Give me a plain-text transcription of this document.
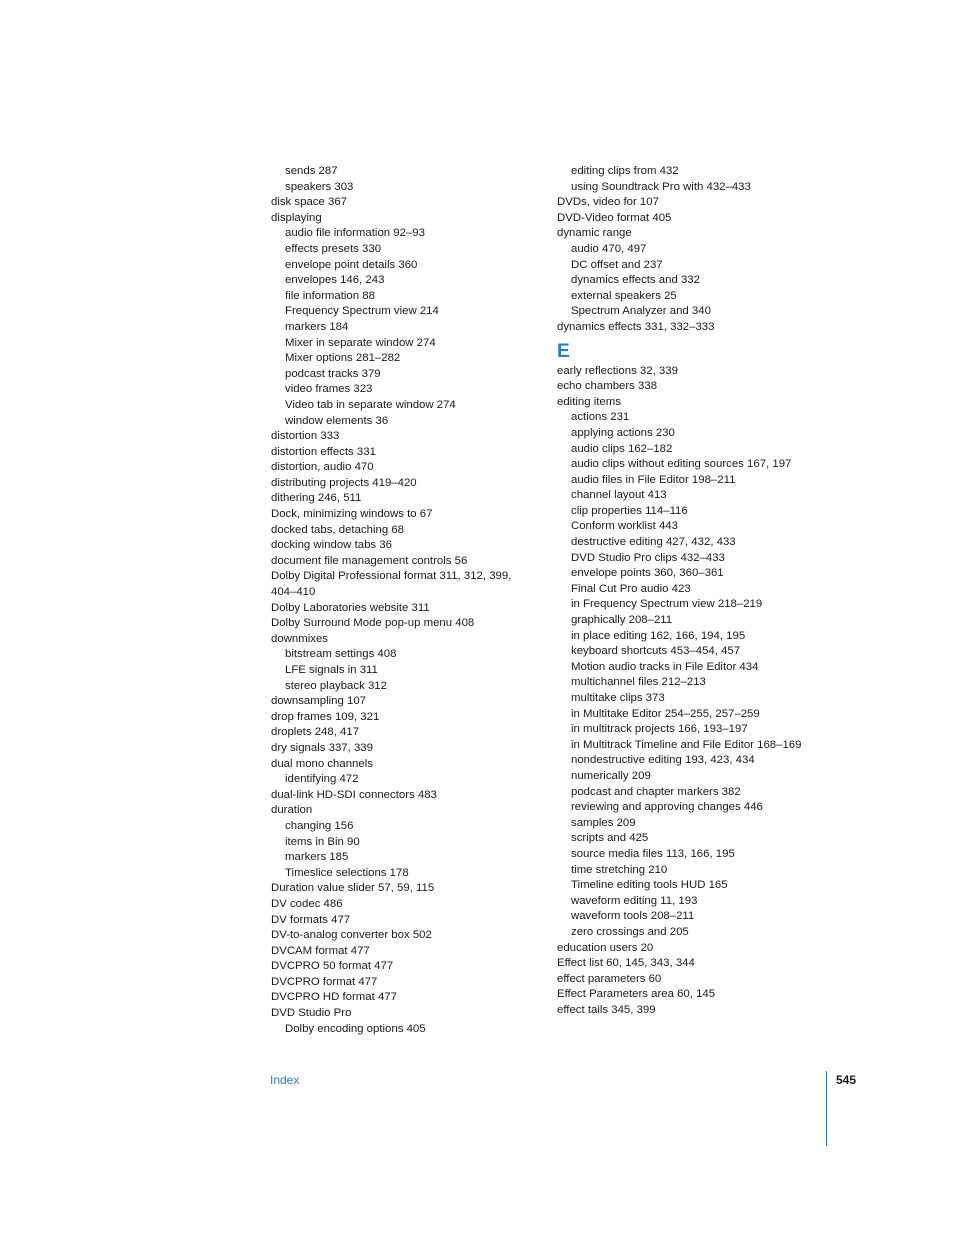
sends 287
speakers 303
disk space 367
displaying
audio file information 92–93
effects presets 330
envelope point details 360
envelopes 146, 243
file information 88
Frequency Spectrum view 214
markers 184
Mixer in separate window 274
Mixer options 281–282
podcast tracks 379
video frames 323
Video tab in separate window 274
window elements 36
distortion 333
distortion effects 331
distortion, audio 470
distributing projects 419–420
dithering 246, 511
Dock, minimizing windows to 67
docked tabs, detaching 68
docking window tabs 36
document file management controls 56
Dolby Digital Professional format 311, 312, 399,
404–410
Dolby Laboratories website 311
Dolby Surround Mode pop-up menu 408
downmixes
bitstream settings 408
LFE signals in 311
stereo playback 312
downsampling 107
drop frames 109, 321
droplets 248, 417
dry signals 337, 339
dual mono channels
identifying 472
dual-link HD-SDI connectors 483
duration
changing 156
items in Bin 90
markers 185
Timeslice selections 178
Duration value slider 57, 59, 115
DV codec 486
DV formats 477
DV-to-analog converter box 502
DVCAM format 477
DVCPRO 50 format 477
DVCPRO format 477
DVCPRO HD format 477
DVD Studio Pro
Dolby encoding options 405
editing clips from 432
using Soundtrack Pro with 432–433
DVDs, video for 107
DVD-Video format 405
dynamic range
audio 470, 497
DC offset and 237
dynamics effects and 332
external speakers 25
Spectrum Analyzer and 340
dynamics effects 331, 332–333
E
early reflections 32, 339
echo chambers 338
editing items
actions 231
applying actions 230
audio clips 162–182
audio clips without editing sources 167, 197
audio files in File Editor 198–211
channel layout 413
clip properties 114–116
Conform worklist 443
destructive editing 427, 432, 433
DVD Studio Pro clips 432–433
envelope points 360, 360–361
Final Cut Pro audio 423
in Frequency Spectrum view 218–219
graphically 208–211
in place editing 162, 166, 194, 195
keyboard shortcuts 453–454, 457
Motion audio tracks in File Editor 434
multichannel files 212–213
multitake clips 373
in Multitake Editor 254–255, 257–259
in multitrack projects 166, 193–197
in Multitrack Timeline and File Editor 168–169
nondestructive editing 193, 423, 434
numerically 209
podcast and chapter markers 382
reviewing and approving changes 446
samples 209
scripts and 425
source media files 113, 166, 195
time stretching 210
Timeline editing tools HUD 165
waveform editing 11, 193
waveform tools 208–211
zero crossings and 205
education users 20
Effect list 60, 145, 343, 344
effect parameters 60
Effect Parameters area 60, 145
effect tails 345, 399
Index	545
